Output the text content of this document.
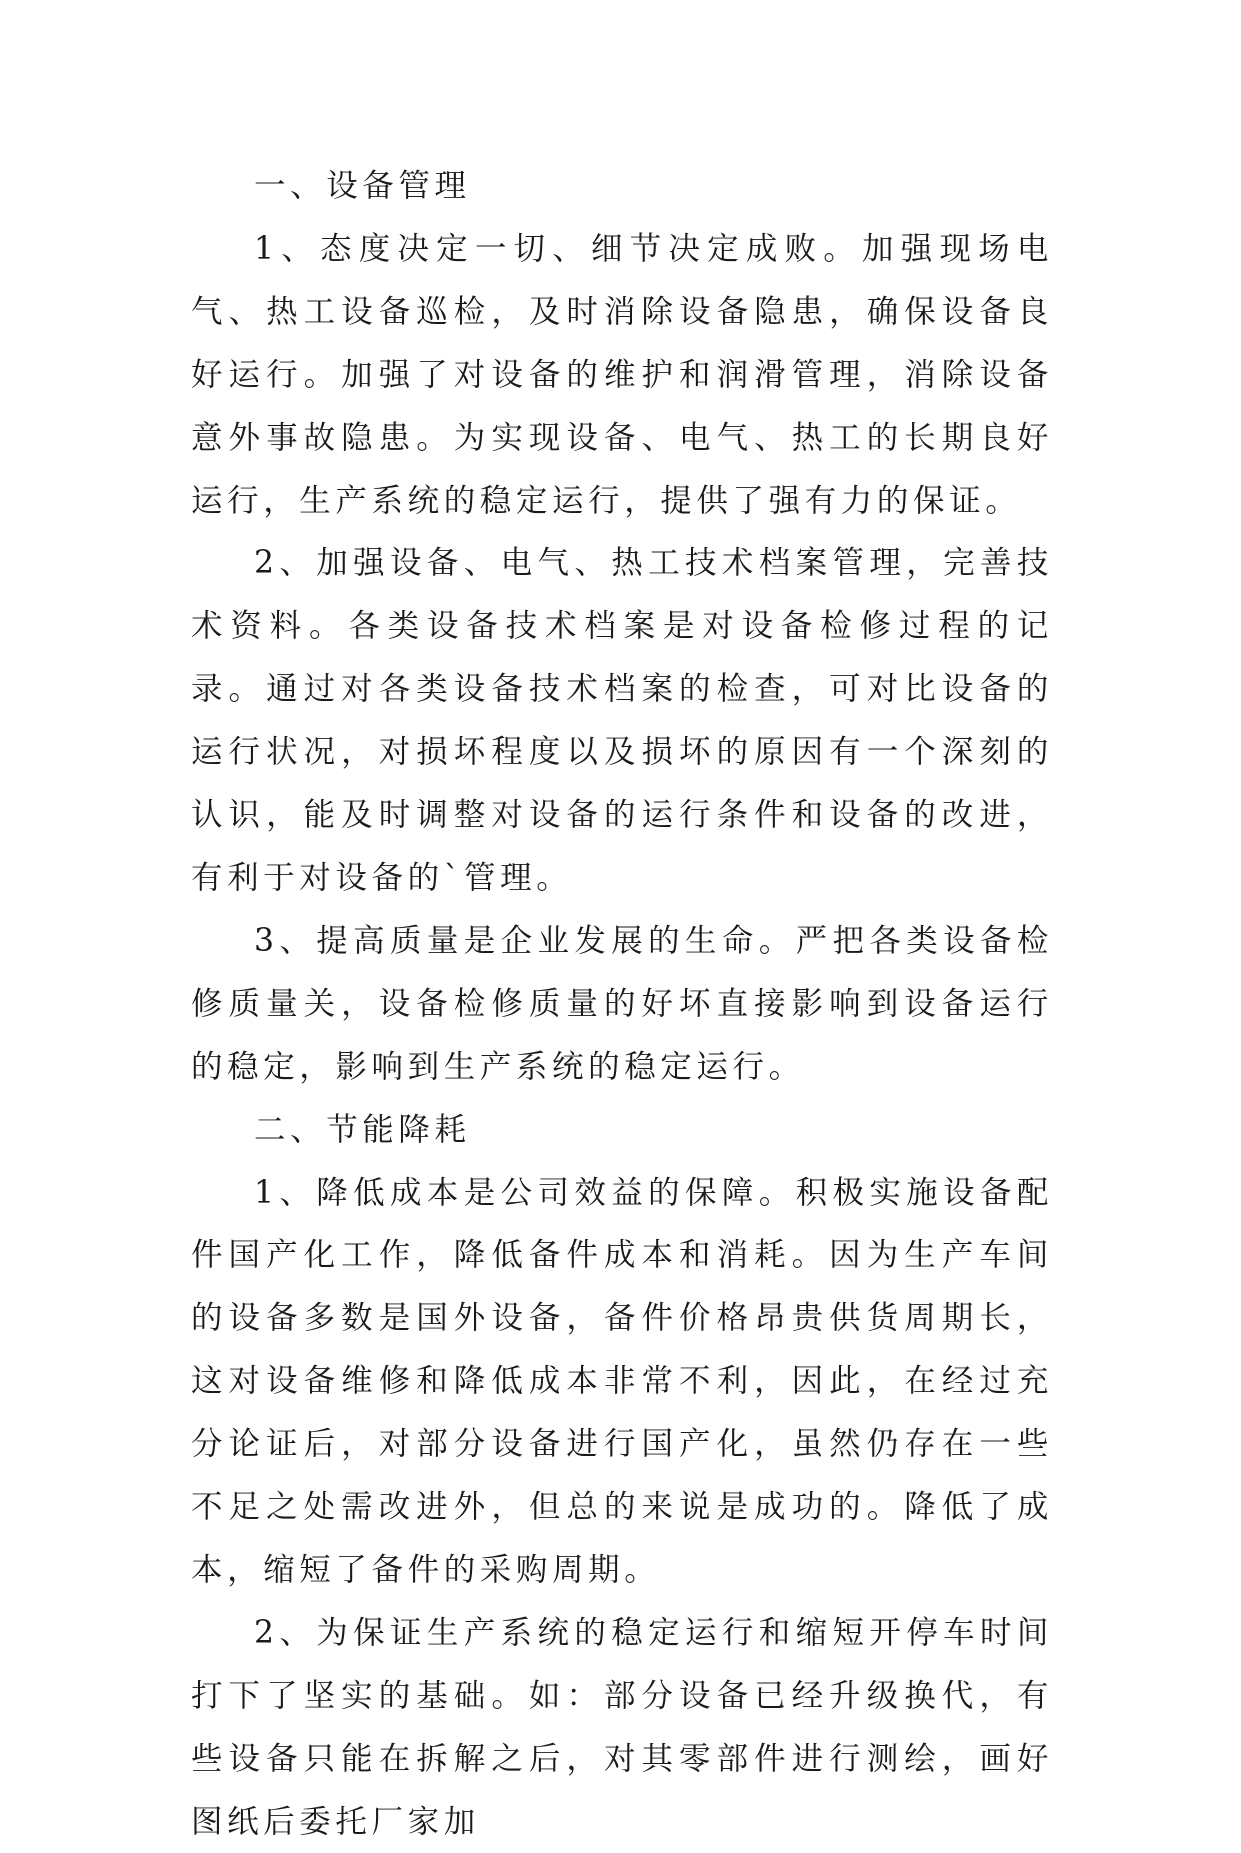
一、设备管理

1、态度决定一切、细节决定成败。加强现场电气、热工设备巡检，及时消除设备隐患，确保设备良好运行。加强了对设备的维护和润滑管理，消除设备意外事故隐患。为实现设备、电气、热工的长期良好运行，生产系统的稳定运行，提供了强有力的保证。

2、加强设备、电气、热工技术档案管理，完善技术资料。各类设备技术档案是对设备检修过程的记录。通过对各类设备技术档案的检查，可对比设备的运行状况，对损坏程度以及损坏的原因有一个深刻的认识，能及时调整对设备的运行条件和设备的改进，有利于对设备的`管理。

3、提高质量是企业发展的生命。严把各类设备检修质量关，设备检修质量的好坏直接影响到设备运行的稳定，影响到生产系统的稳定运行。

二、节能降耗

1、降低成本是公司效益的保障。积极实施设备配件国产化工作，降低备件成本和消耗。因为生产车间的设备多数是国外设备，备件价格昂贵供货周期长，这对设备维修和降低成本非常不利，因此，在经过充分论证后，对部分设备进行国产化，虽然仍存在一些不足之处需改进外，但总的来说是成功的。降低了成本，缩短了备件的采购周期。

2、为保证生产系统的稳定运行和缩短开停车时间打下了坚实的基础。如：部分设备已经升级换代，有些设备只能在拆解之后，对其零部件进行测绘，画好图纸后委托厂家加
